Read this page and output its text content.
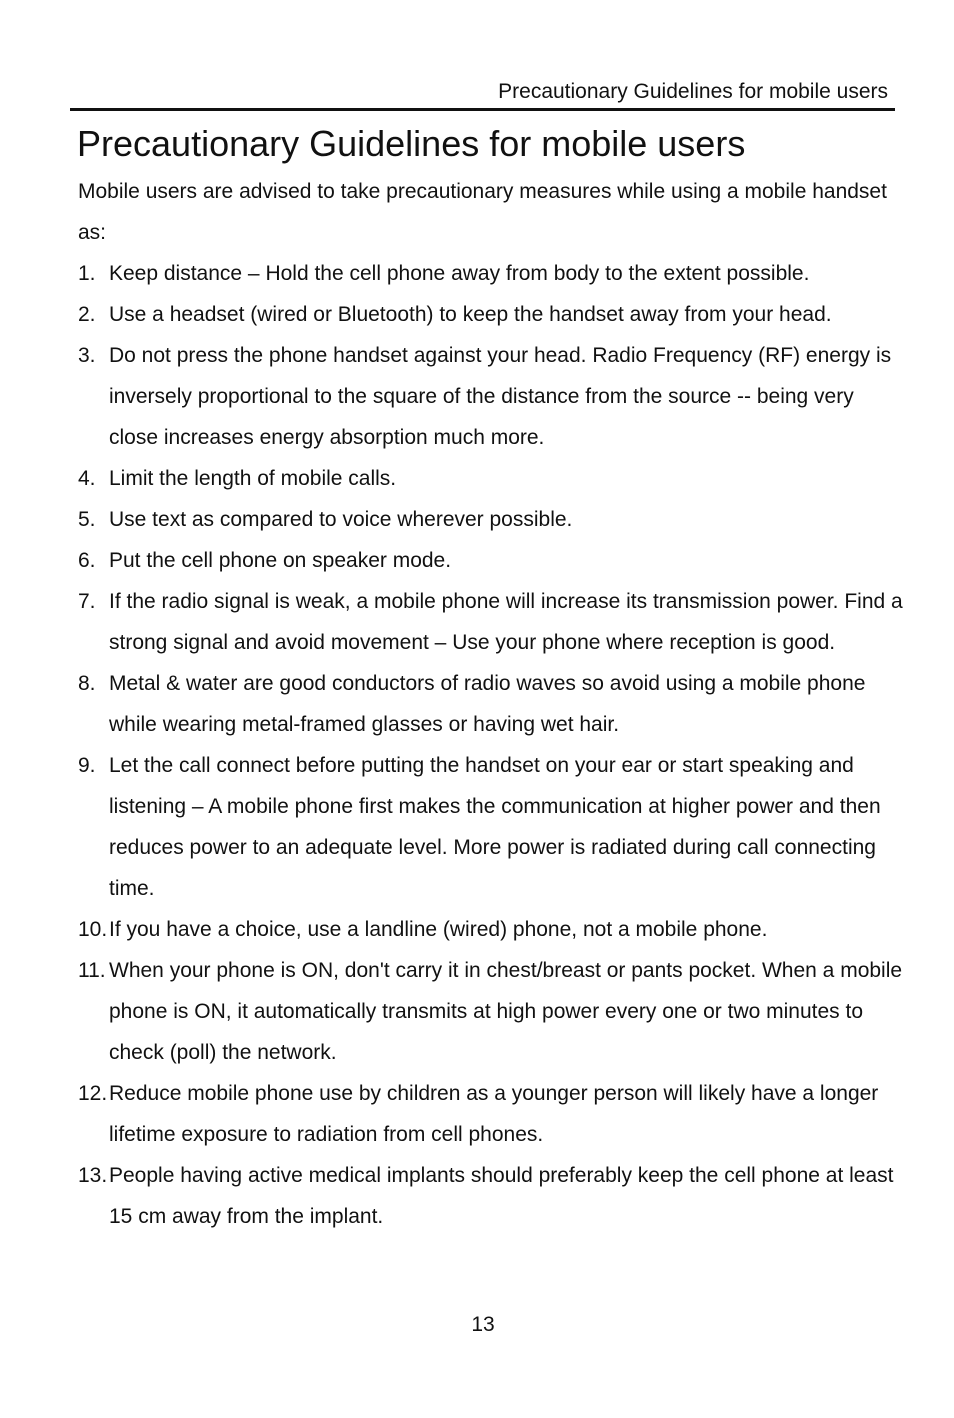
Precautionary Guidelines for mobile users
Precautionary Guidelines for mobile users

Mobile users are advised to take precautionary measures while using a mobile handset as:

1. Keep distance – Hold the cell phone away from body to the extent possible.
2. Use a headset (wired or Bluetooth) to keep the handset away from your head.
3. Do not press the phone handset against your head. Radio Frequency (RF) energy is inversely proportional to the square of the distance from the source -- being very close increases energy absorption much more.
4. Limit the length of mobile calls.
5. Use text as compared to voice wherever possible.
6. Put the cell phone on speaker mode.
7. If the radio signal is weak, a mobile phone will increase its transmission power. Find a strong signal and avoid movement – Use your phone where reception is good.
8. Metal & water are good conductors of radio waves so avoid using a mobile phone while wearing metal-framed glasses or having wet hair.
9. Let the call connect before putting the handset on your ear or start speaking and listening – A mobile phone first makes the communication at higher power and then reduces power to an adequate level. More power is radiated during call connecting time.
10. If you have a choice, use a landline (wired) phone, not a mobile phone.
11. When your phone is ON, don't carry it in chest/breast or pants pocket. When a mobile phone is ON, it automatically transmits at high power every one or two minutes to check (poll) the network.
12. Reduce mobile phone use by children as a younger person will likely have a longer lifetime exposure to radiation from cell phones.
13. People having active medical implants should preferably keep the cell phone at least 15 cm away from the implant.
13
